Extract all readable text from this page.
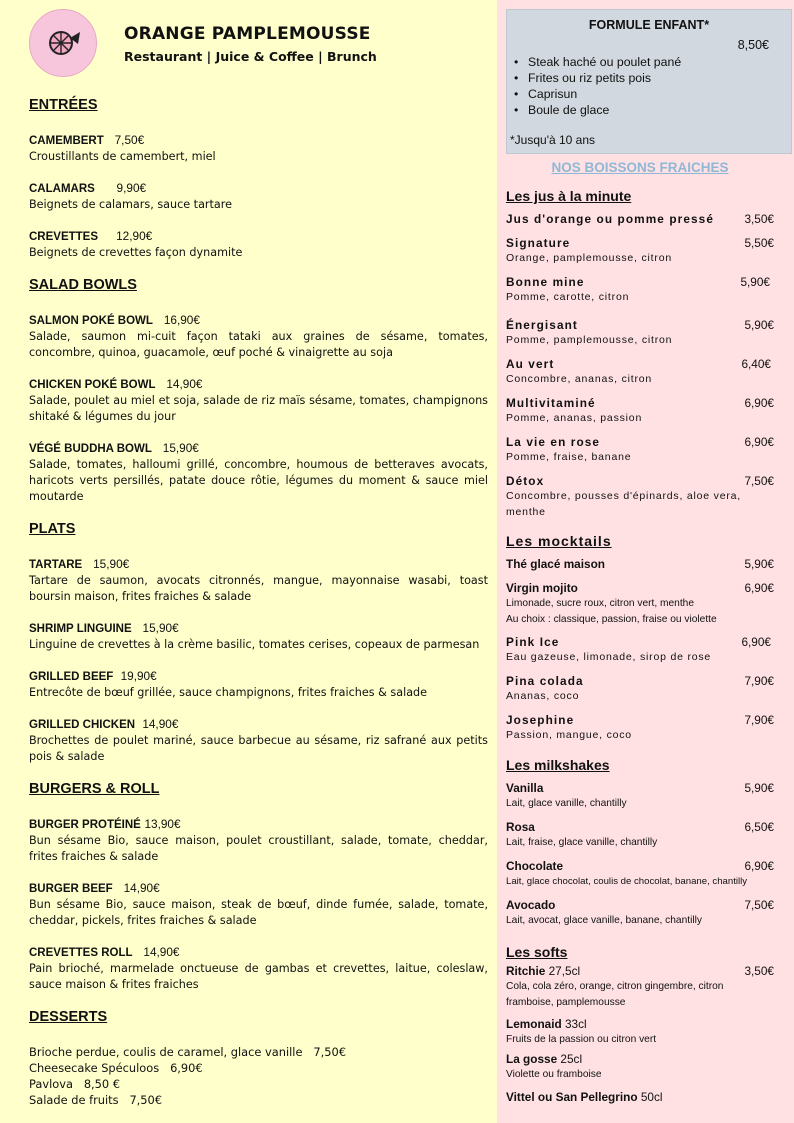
ORANGE PAMPLEMOUSSE
Restaurant | Juice & Coffee | Brunch
ENTRÉES
CAMEMBERT 7,50€
Croustillants de camembert, miel
CALAMARS 9,90€
Beignets de calamars, sauce tartare
CREVETTES 12,90€
Beignets de crevettes façon dynamite
SALAD BOWLS
SALMON POKÉ BOWL 16,90€
Salade, saumon mi-cuit façon tataki aux graines de sésame, tomates, concombre, quinoa, guacamole, œuf poché & vinaigrette au soja
CHICKEN POKÉ BOWL 14,90€
Salade, poulet au miel et soja, salade de riz maïs sésame, tomates, champignons shitaké & légumes du jour
VÉGÉ BUDDHA BOWL 15,90€
Salade, tomates, halloumi grillé, concombre, houmous de betteraves avocats, haricots verts persillés, patate douce rôtie, légumes du moment & sauce miel moutarde
PLATS
TARTARE 15,90€
Tartare de saumon, avocats citronnés, mangue, mayonnaise wasabi, toast boursin maison, frites fraiches & salade
SHRIMP LINGUINE 15,90€
Linguine de crevettes à la crème basilic, tomates cerises, copeaux de parmesan
GRILLED BEEF 19,90€
Entrecôte de bœuf grillée, sauce champignons, frites fraiches & salade
GRILLED CHICKEN 14,90€
Brochettes de poulet mariné, sauce barbecue au sésame, riz safrané aux petits pois & salade
BURGERS & ROLL
BURGER PROTÉINÉ 13,90€
Bun sésame Bio, sauce maison, poulet croustillant, salade, tomate, cheddar, frites fraiches & salade
BURGER BEEF 14,90€
Bun sésame Bio, sauce maison, steak de bœuf, dinde fumée, salade, tomate, cheddar, pickels, frites fraiches & salade
CREVETTES ROLL 14,90€
Pain brioché, marmelade onctueuse de gambas et crevettes, laitue, coleslaw, sauce maison & frites fraiches
DESSERTS
Brioche perdue, coulis de caramel, glace vanille 7,50€
Cheesecake Spéculoos 6,90€
Pavlova 8,50 €
Salade de fruits 7,50€
FORMULE ENFANT*
8,50€
• Steak haché ou poulet pané
• Frites ou riz petits pois
• Caprisun
• Boule de glace
*Jusqu'à 10 ans
NOS BOISSONS FRAICHES
Les jus à la minute
Jus d'orange ou pomme pressé	3,50€
Signature	5,50€
Orange, pamplemousse, citron
Bonne mine	5,90€
Pomme, carotte, citron
Énergisant	5,90€
Pomme, pamplemousse, citron
Au vert	6,40€
Concombre, ananas, citron
Multivitaminé	6,90€
Pomme, ananas, passion
La vie en rose	6,90€
Pomme, fraise, banane
Détox	7,50€
Concombre, pousses d'épinards, aloe vera, menthe
Les mocktails
Thé glacé maison	5,90€
Virgin mojito	6,90€
Limonade, sucre roux, citron vert, menthe
Au choix : classique, passion, fraise ou violette
Pink Ice	6,90€
Eau gazeuse, limonade, sirop de rose
Pina colada	7,90€
Ananas, coco
Josephine	7,90€
Passion, mangue, coco
Les milkshakes
Vanilla	5,90€
Lait, glace vanille, chantilly
Rosa	6,50€
Lait, fraise, glace vanille, chantilly
Chocolate	6,90€
Lait, glace chocolat, coulis de chocolat, banane, chantilly
Avocado	7,50€
Lait, avocat, glace vanille, banane, chantilly
Les softs
Ritchie 27,5cl	3,50€
Cola, cola zéro, orange, citron gingembre, citron framboise, pamplemousse
Lemonaid 33cl
Fruits de la passion ou citron vert
La gosse 25cl
Violette ou framboise
Vittel ou San Pellegrino 50cl
